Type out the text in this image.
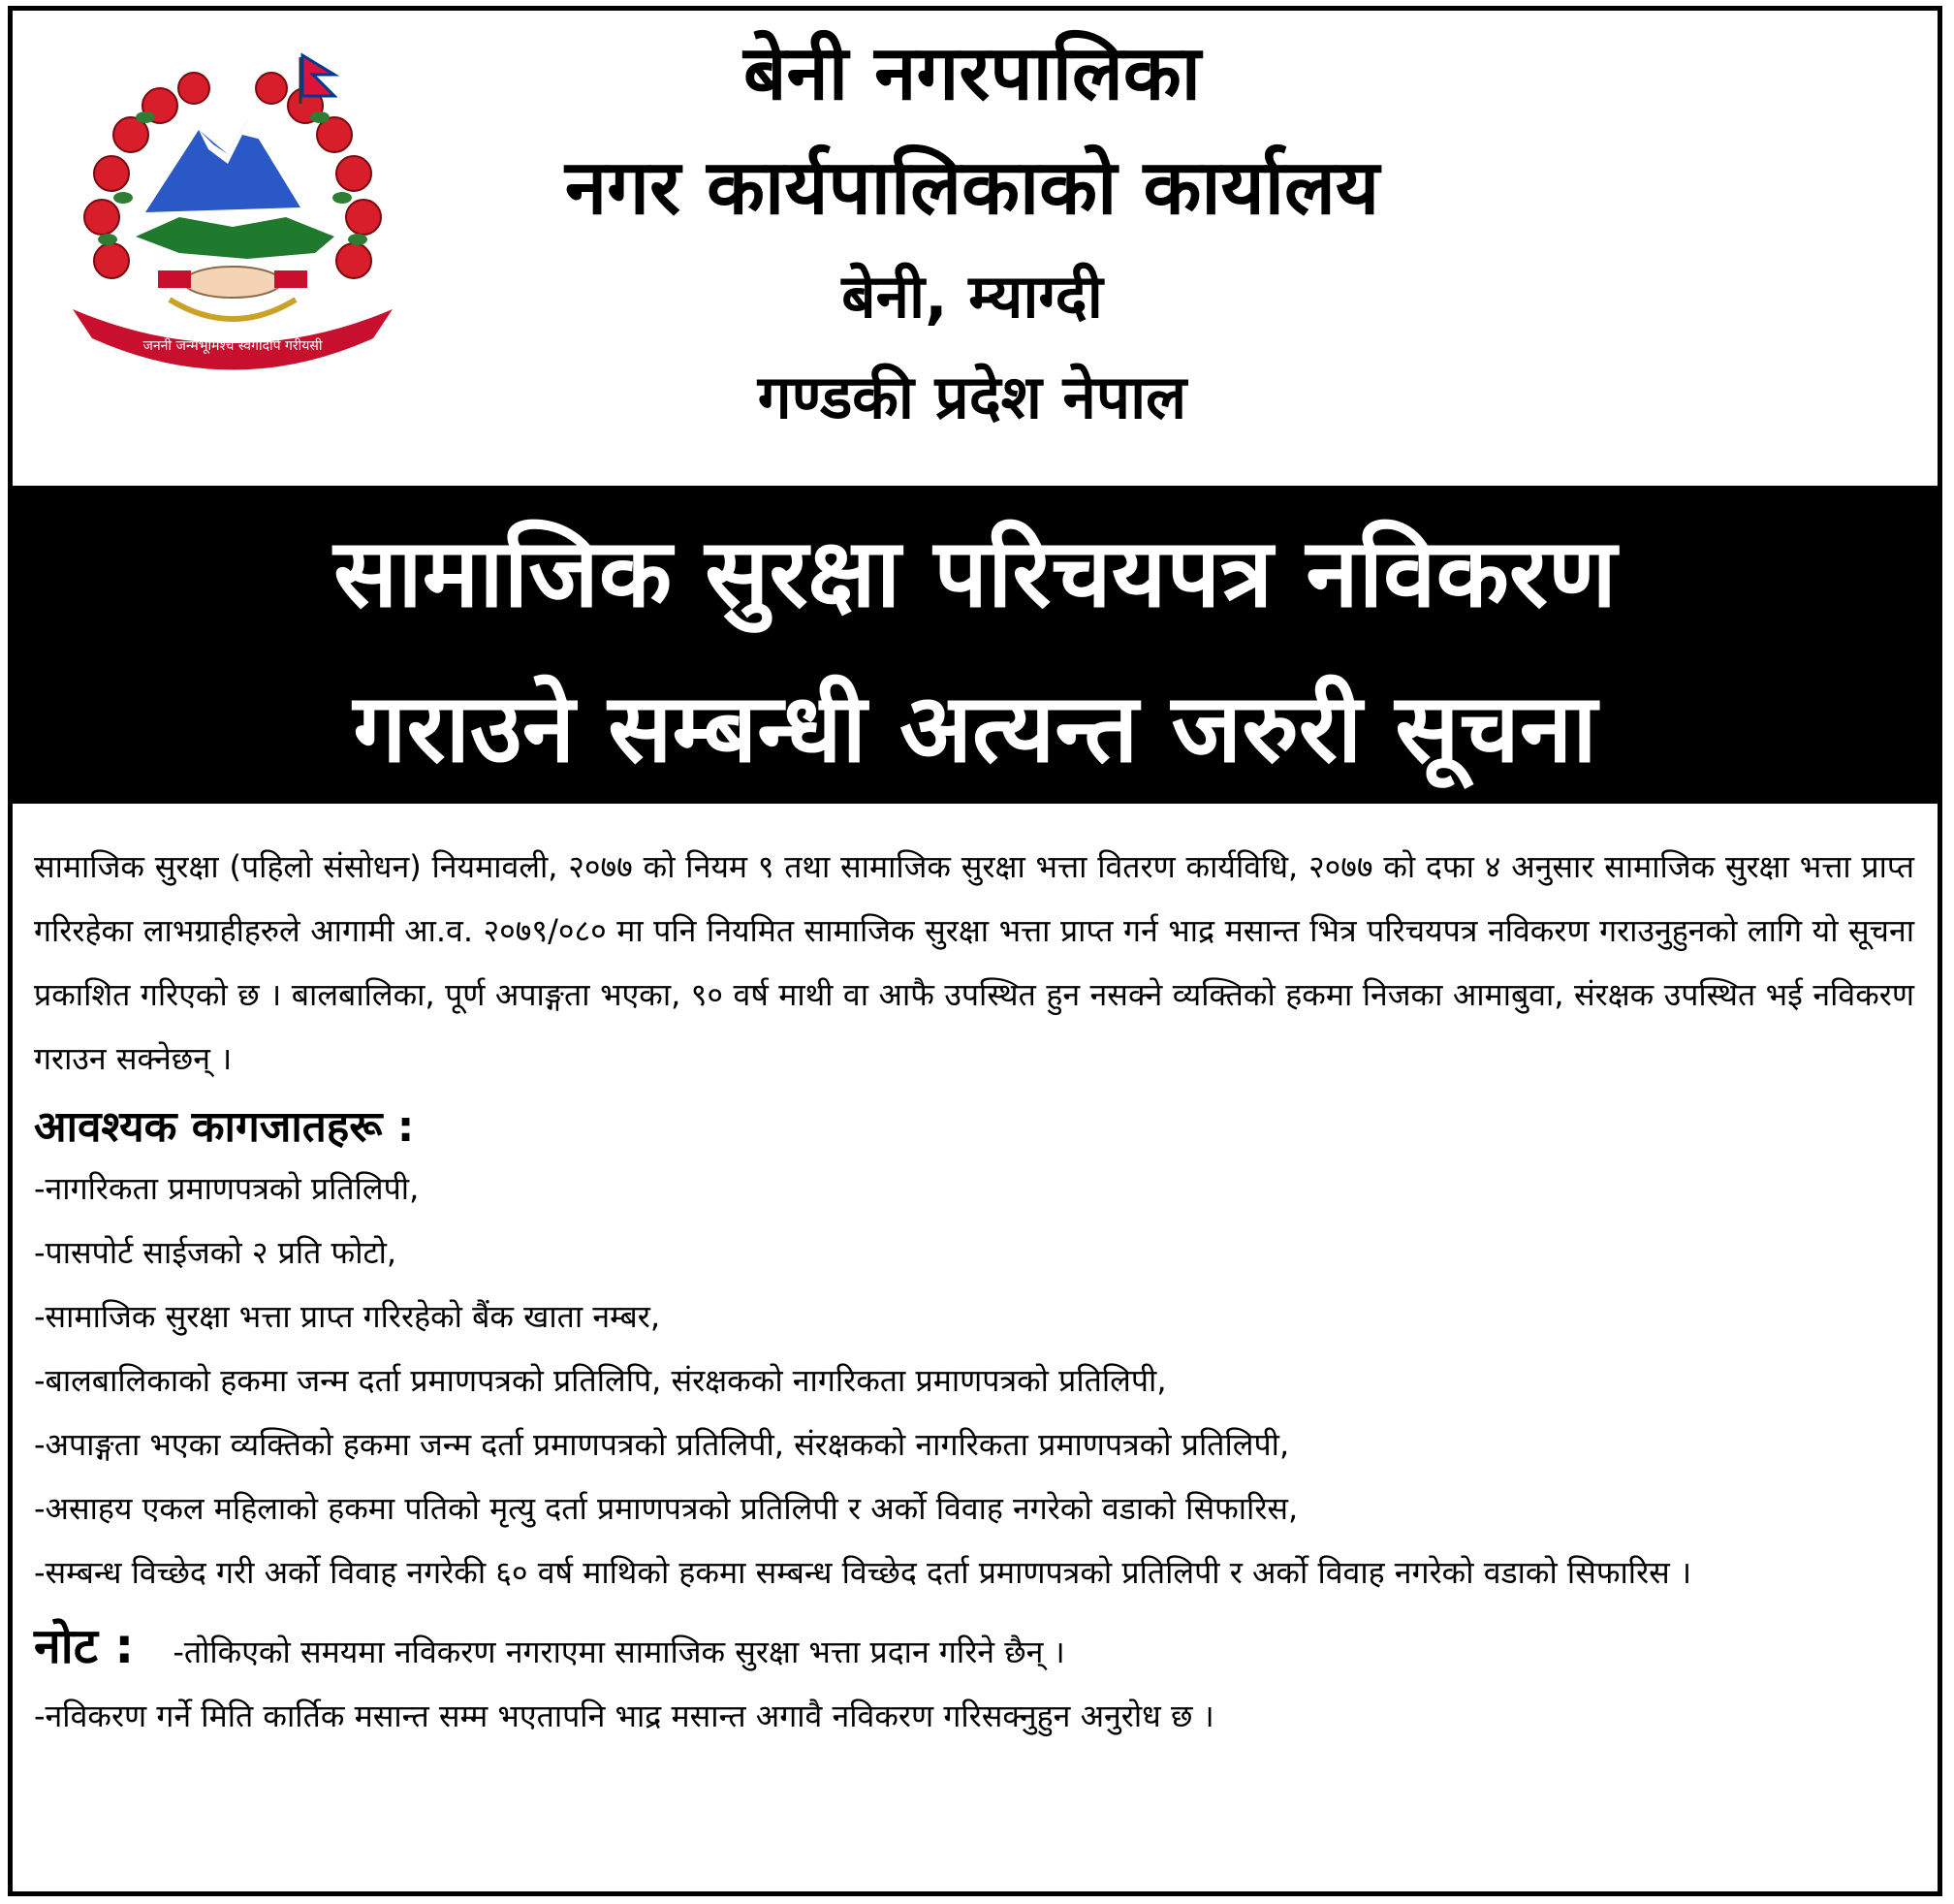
जननी जन्मभूमिश्च स्वर्गादपि गरीयसी
बेनी नगरपालिका
नगर कार्यपालिकाको कार्यालय
बेनी, म्याग्दी
गण्डकी प्रदेश नेपाल
सामाजिक सुरक्षा परिचयपत्र नविकरण
गराउने सम्बन्धी अत्यन्त जरुरी सूचना

सामाजिक सुरक्षा (पहिलो संसोधन) नियमावली, २०७७ को नियम ९ तथा सामाजिक सुरक्षा भत्ता वितरण कार्यविधि, २०७७ को दफा ४ अनुसार सामाजिक सुरक्षा भत्ता प्राप्त गरिरहेका लाभग्राहीहरुले आगामी आ.व. २०७९/०८० मा पनि नियमित सामाजिक सुरक्षा भत्ता प्राप्त गर्न भाद्र मसान्त भित्र परिचयपत्र नविकरण गराउनुहुनको लागि यो सूचना प्रकाशित गरिएको छ । बालबालिका, पूर्ण अपाङ्गता भएका, ९० वर्ष माथी वा आफै उपस्थित हुन नसक्ने व्यक्तिको हकमा निजका आमाबुवा, संरक्षक उपस्थित भई नविकरण गराउन सक्नेछन् ।

आवश्यक कागजातहरू :
-नागरिकता प्रमाणपत्रको प्रतिलिपी,
-पासपोर्ट साईजको २ प्रति फोटो,
-सामाजिक सुरक्षा भत्ता प्राप्त गरिरहेको बैंक खाता नम्बर,
-बालबालिकाको हकमा जन्म दर्ता प्रमाणपत्रको प्रतिलिपि, संरक्षकको नागरिकता प्रमाणपत्रको प्रतिलिपी,
-अपाङ्गता भएका व्यक्तिको हकमा जन्म दर्ता प्रमाणपत्रको प्रतिलिपी, संरक्षकको नागरिकता प्रमाणपत्रको प्रतिलिपी,
-असाहय एकल महिलाको हकमा पतिको मृत्यु दर्ता प्रमाणपत्रको प्रतिलिपी र अर्को विवाह नगरेको वडाको सिफारिस,
-सम्बन्ध विच्छेद गरी अर्को विवाह नगरेकी ६० वर्ष माथिको हकमा सम्बन्ध विच्छेद दर्ता प्रमाणपत्रको प्रतिलिपी र अर्को विवाह नगरेको वडाको सिफारिस ।
नोट : -तोकिएको समयमा नविकरण नगराएमा सामाजिक सुरक्षा भत्ता प्रदान गरिने छैन् ।
-नविकरण गर्ने मिति कार्तिक मसान्त सम्म भएतापनि भाद्र मसान्त अगावै नविकरण गरिसक्नुहुन अनुरोध छ ।
